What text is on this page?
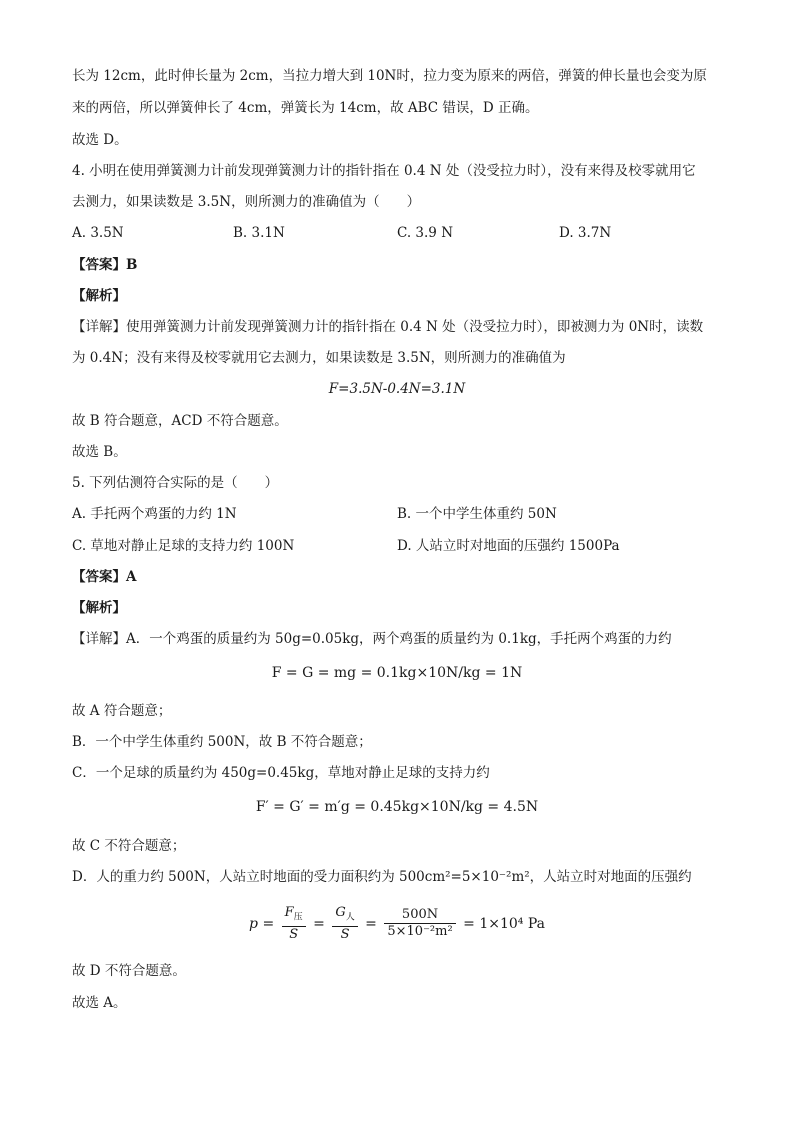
长为 12cm，此时伸长量为 2cm，当拉力增大到 10N时，拉力变为原来的两倍，弹簧的伸长量也会变为原
来的两倍，所以弹簧伸长了 4cm，弹簧长为 14cm，故 ABC 错误，D 正确。
故选 D。
4. 小明在使用弹簧测力计前发现弹簧测力计的指针指在 0.4 N 处（没受拉力时），没有来得及校零就用它
去测力，如果读数是 3.5N，则所测力的准确值为（　　）
A. 3.5N	B. 3.1N	C. 3.9 N	D. 3.7N
【答案】B
【解析】
【详解】使用弹簧测力计前发现弹簧测力计的指针指在 0.4 N 处（没受拉力时），即被测力为 0N时，读数
为 0.4N；没有来得及校零就用它去测力，如果读数是 3.5N，则所测力的准确值为
F=3.5N-0.4N=3.1N
故 B 符合题意，ACD 不符合题意。
故选 B。
5. 下列估测符合实际的是（　　）
A. 手托两个鸡蛋的力约 1N	B. 一个中学生体重约 50N
C. 草地对静止足球的支持力约 100N	D. 人站立时对地面的压强约 1500Pa
【答案】A
【解析】
【详解】A．一个鸡蛋的质量约为 50g=0.05kg，两个鸡蛋的质量约为 0.1kg，手托两个鸡蛋的力约
F = G = mg = 0.1kg×10N/kg = 1N
故 A 符合题意；
B．一个中学生体重约 500N，故 B 不符合题意；
C．一个足球的质量约为 450g=0.45kg，草地对静止足球的支持力约
F′ = G′ = m′g = 0.45kg×10N/kg = 4.5N
故 C 不符合题意；
D．人的重力约 500N，人站立时地面的受力面积约为 500cm²=5×10⁻²m²，人站立时对地面的压强约
$p = \frac{F_压}{S} = \frac{G_人}{S} = \frac{500N}{\text{5×10⁻²m²}} = 1\times 10^4$ Pa
故 D 不符合题意。
故选 A。
